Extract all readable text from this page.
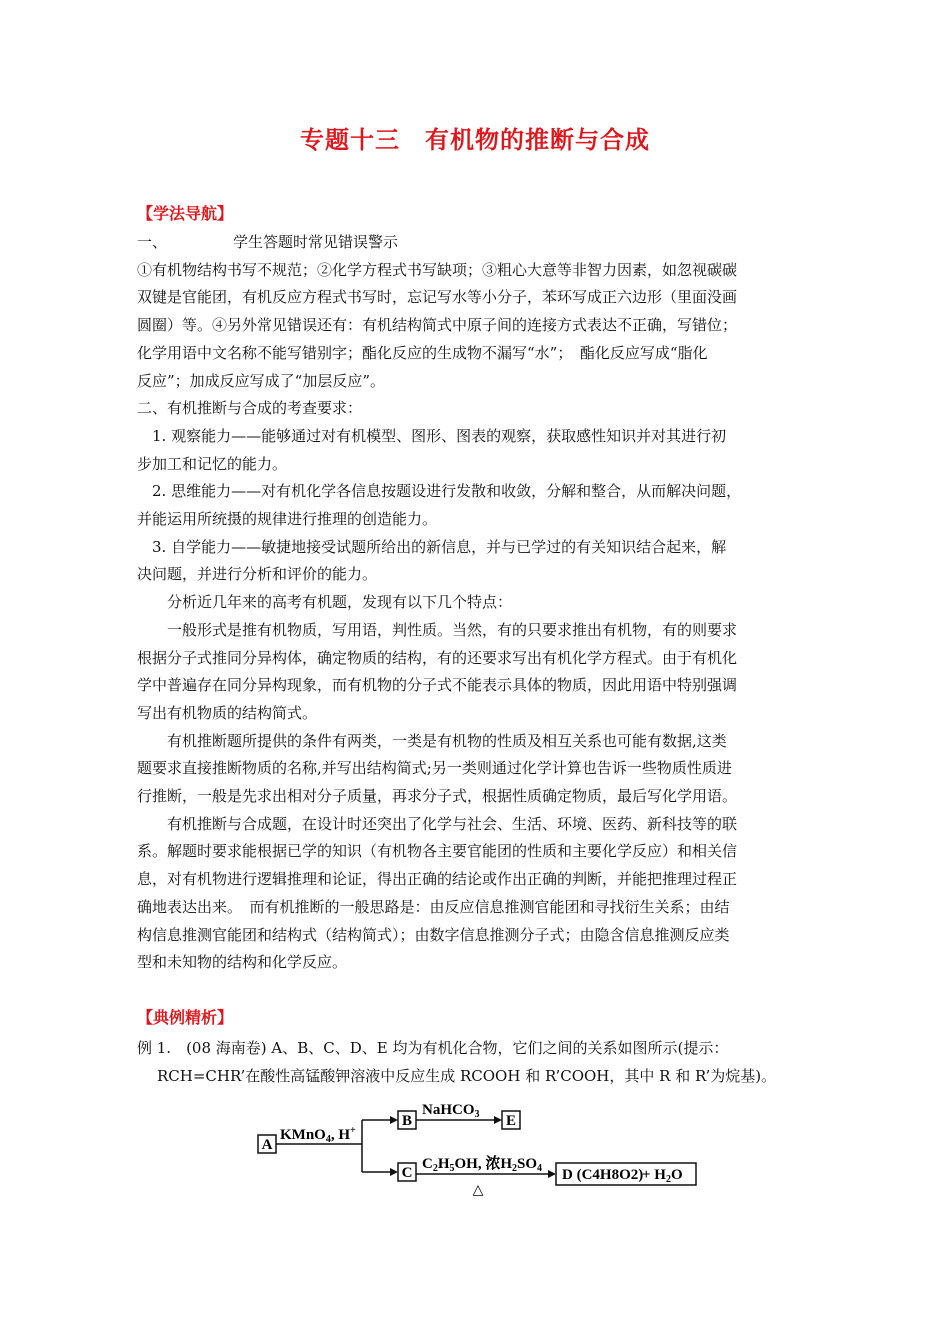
专题十三　有机物的推断与合成
【学法导航】

一、	学生答题时常见错误警示

①有机物结构书写不规范；②化学方程式书写缺项；③粗心大意等非智力因素，如忽视碳碳

双键是官能团，有机反应方程式书写时，忘记写水等小分子，苯环写成正六边形（里面没画

圆圈）等。④另外常见错误还有：有机结构简式中原子间的连接方式表达不正确，写错位；

化学用语中文名称不能写错别字；酯化反应的生成物不漏写“水”；　酯化反应写成“脂化

反应”；加成反应写成了“加层反应”。

二、有机推断与合成的考查要求：

1. 观察能力——能够通过对有机模型、图形、图表的观察，获取感性知识并对其进行初

步加工和记忆的能力。

2. 思维能力——对有机化学各信息按题设进行发散和收敛，分解和整合，从而解决问题，

并能运用所统摄的规律进行推理的创造能力。

3. 自学能力——敏捷地接受试题所给出的新信息，并与已学过的有关知识结合起来，解

决问题，并进行分析和评价的能力。

分析近几年来的高考有机题，发现有以下几个特点：

一般形式是推有机物质，写用语，判性质。当然，有的只要求推出有机物，有的则要求

根据分子式推同分异构体，确定物质的结构，有的还要求写出有机化学方程式。由于有机化

学中普遍存在同分异构现象，而有机物的分子式不能表示具体的物质，因此用语中特别强调

写出有机物质的结构简式。

有机推断题所提供的条件有两类，一类是有机物的性质及相互关系也可能有数据,这类

题要求直接推断物质的名称,并写出结构简式;另一类则通过化学计算也告诉一些物质性质进

行推断，一般是先求出相对分子质量，再求分子式，根据性质确定物质，最后写化学用语。

有机推断与合成题，在设计时还突出了化学与社会、生活、环境、医药、新科技等的联

系。解题时要求能根据已学的知识（有机物各主要官能团的性质和主要化学反应）和相关信

息，对有机物进行逻辑推理和论证，得出正确的结论或作出正确的判断，并能把推理过程正

确地表达出来。　而有机推断的一般思路是：由反应信息推测官能团和寻找衍生关系；由结

构信息推测官能团和结构式（结构简式）；由数字信息推测分子式；由隐含信息推测反应类

型和未知物的结构和化学反应。

【典例精析】

例 1.　(08 海南卷) A、B、C、D、E 均为有机化合物，它们之间的关系如图所示(提示：

RCH=CHR’在酸性高锰酸钾溶液中反应生成 RCOOH 和 R’COOH，其中 R 和 R’为烷基)。

A
KMnO$_4$, H+
B
NaHCO$_3$ E
C
$C_2H_5OH$, 浓$H_2SO_4$
△
D (C4H8O2)
+ $H_2O$
